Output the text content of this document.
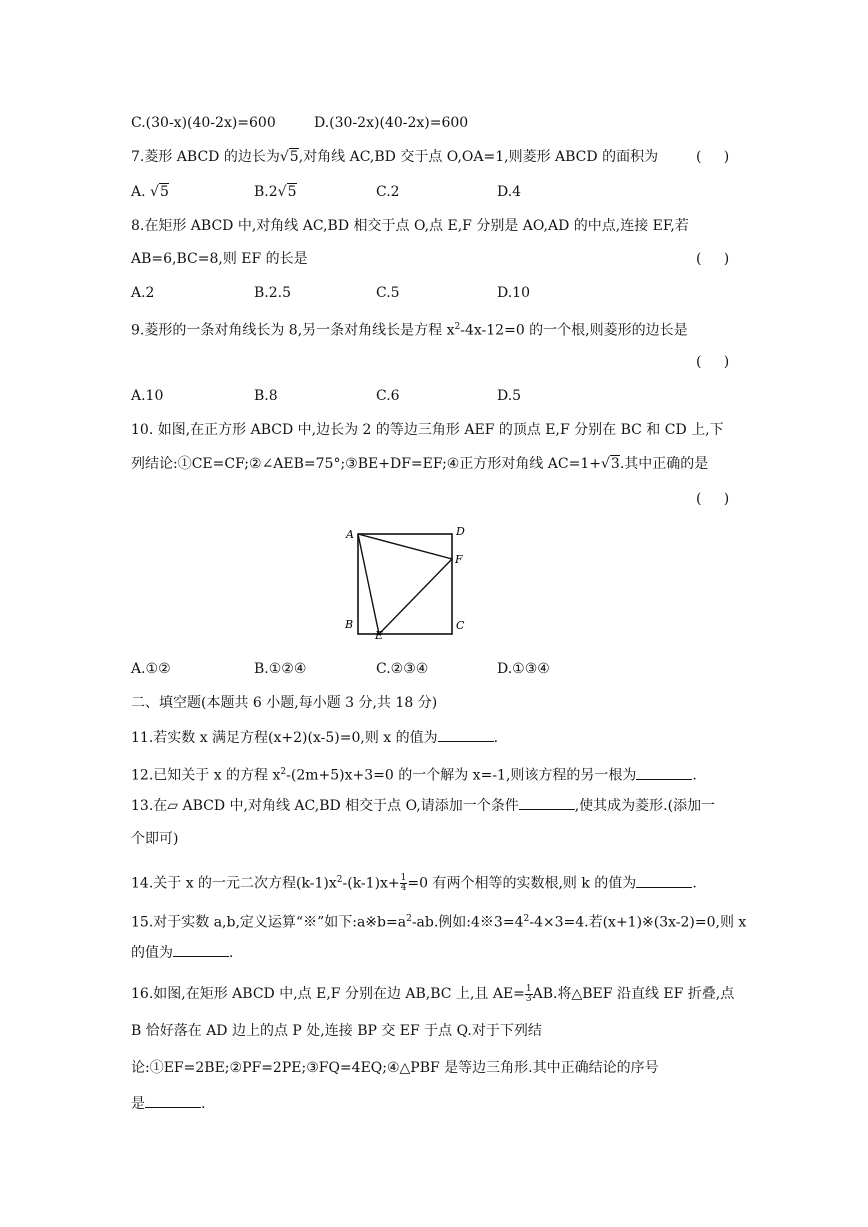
C.(30-x)(40-2x)=600	D.(30-2x)(40-2x)=600
7.菱形 ABCD 的边长为√5,对角线 AC,BD 交于点 O,OA=1,则菱形 ABCD 的面积为	(     )
A. √5	B.2√5	C.2	D.4
8.在矩形 ABCD 中,对角线 AC,BD 相交于点 O,点 E,F 分别是 AO,AD 的中点,连接 EF,若
AB=6,BC=8,则 EF 的长是	(     )
A.2	B.2.5	C.5	D.10
9.菱形的一条对角线长为 8,另一条对角线长是方程 $x^2-4x-12=0$ 的一个根,则菱形的边长是
(     )
A.10	B.8	C.6	D.5
10. 如图,在正方形 ABCD 中,边长为 2 的等边三角形 AEF 的顶点 E,F 分别在 BC 和 CD 上,下
列结论:①CE=CF;②∠AEB=75°;③BE+DF=EF;④正方形对角线 AC=1+√3.其中正确的是
(     )
A	D
F
B
E
C
A.①②	B.①②④	C.②③④	D.①③④
二、填空题(本题共 6 小题,每小题 3 分,共 18 分)
11.若实数 x 满足方程(x+2)(x-5)=0,则 x 的值为	.
12.已知关于 x 的方程 $x^2-(2m+5)x+3=0$ 的一个解为 x=-1,则该方程的另一根为	.
13.在▱ ABCD 中,对角线 AC,BD 相交于点 O,请添加一个条件	,使其成为菱形.(添加一
个即可)
14.关于 x 的一元二次方程$(k-1)x^2-(k-1)x+ \frac{1}{4} =0$ 有两个相等的实数根,则 k 的值为	.
15.对于实数 a,b,定义运算“※”如下$:a※b=a^2-ab$.例如$:4※3=4^2-4\times 3=4$.若(x+1)※(3x-2)=0,则 x
的值为	.
16.如图,在矩形 ABCD 中,点 E,F 分别在边 AB,BC 上,且 $AE= \frac{1}{3}$ AB.将△BEF 沿直线 EF 折叠,点
B 恰好落在 AD 边上的点 P 处,连接 BP 交 EF 于点 Q.对于下列结
论:①EF=2BE;②PF=2PE;③FQ=4EQ;④△PBF 是等边三角形.其中正确结论的序号
是	.
